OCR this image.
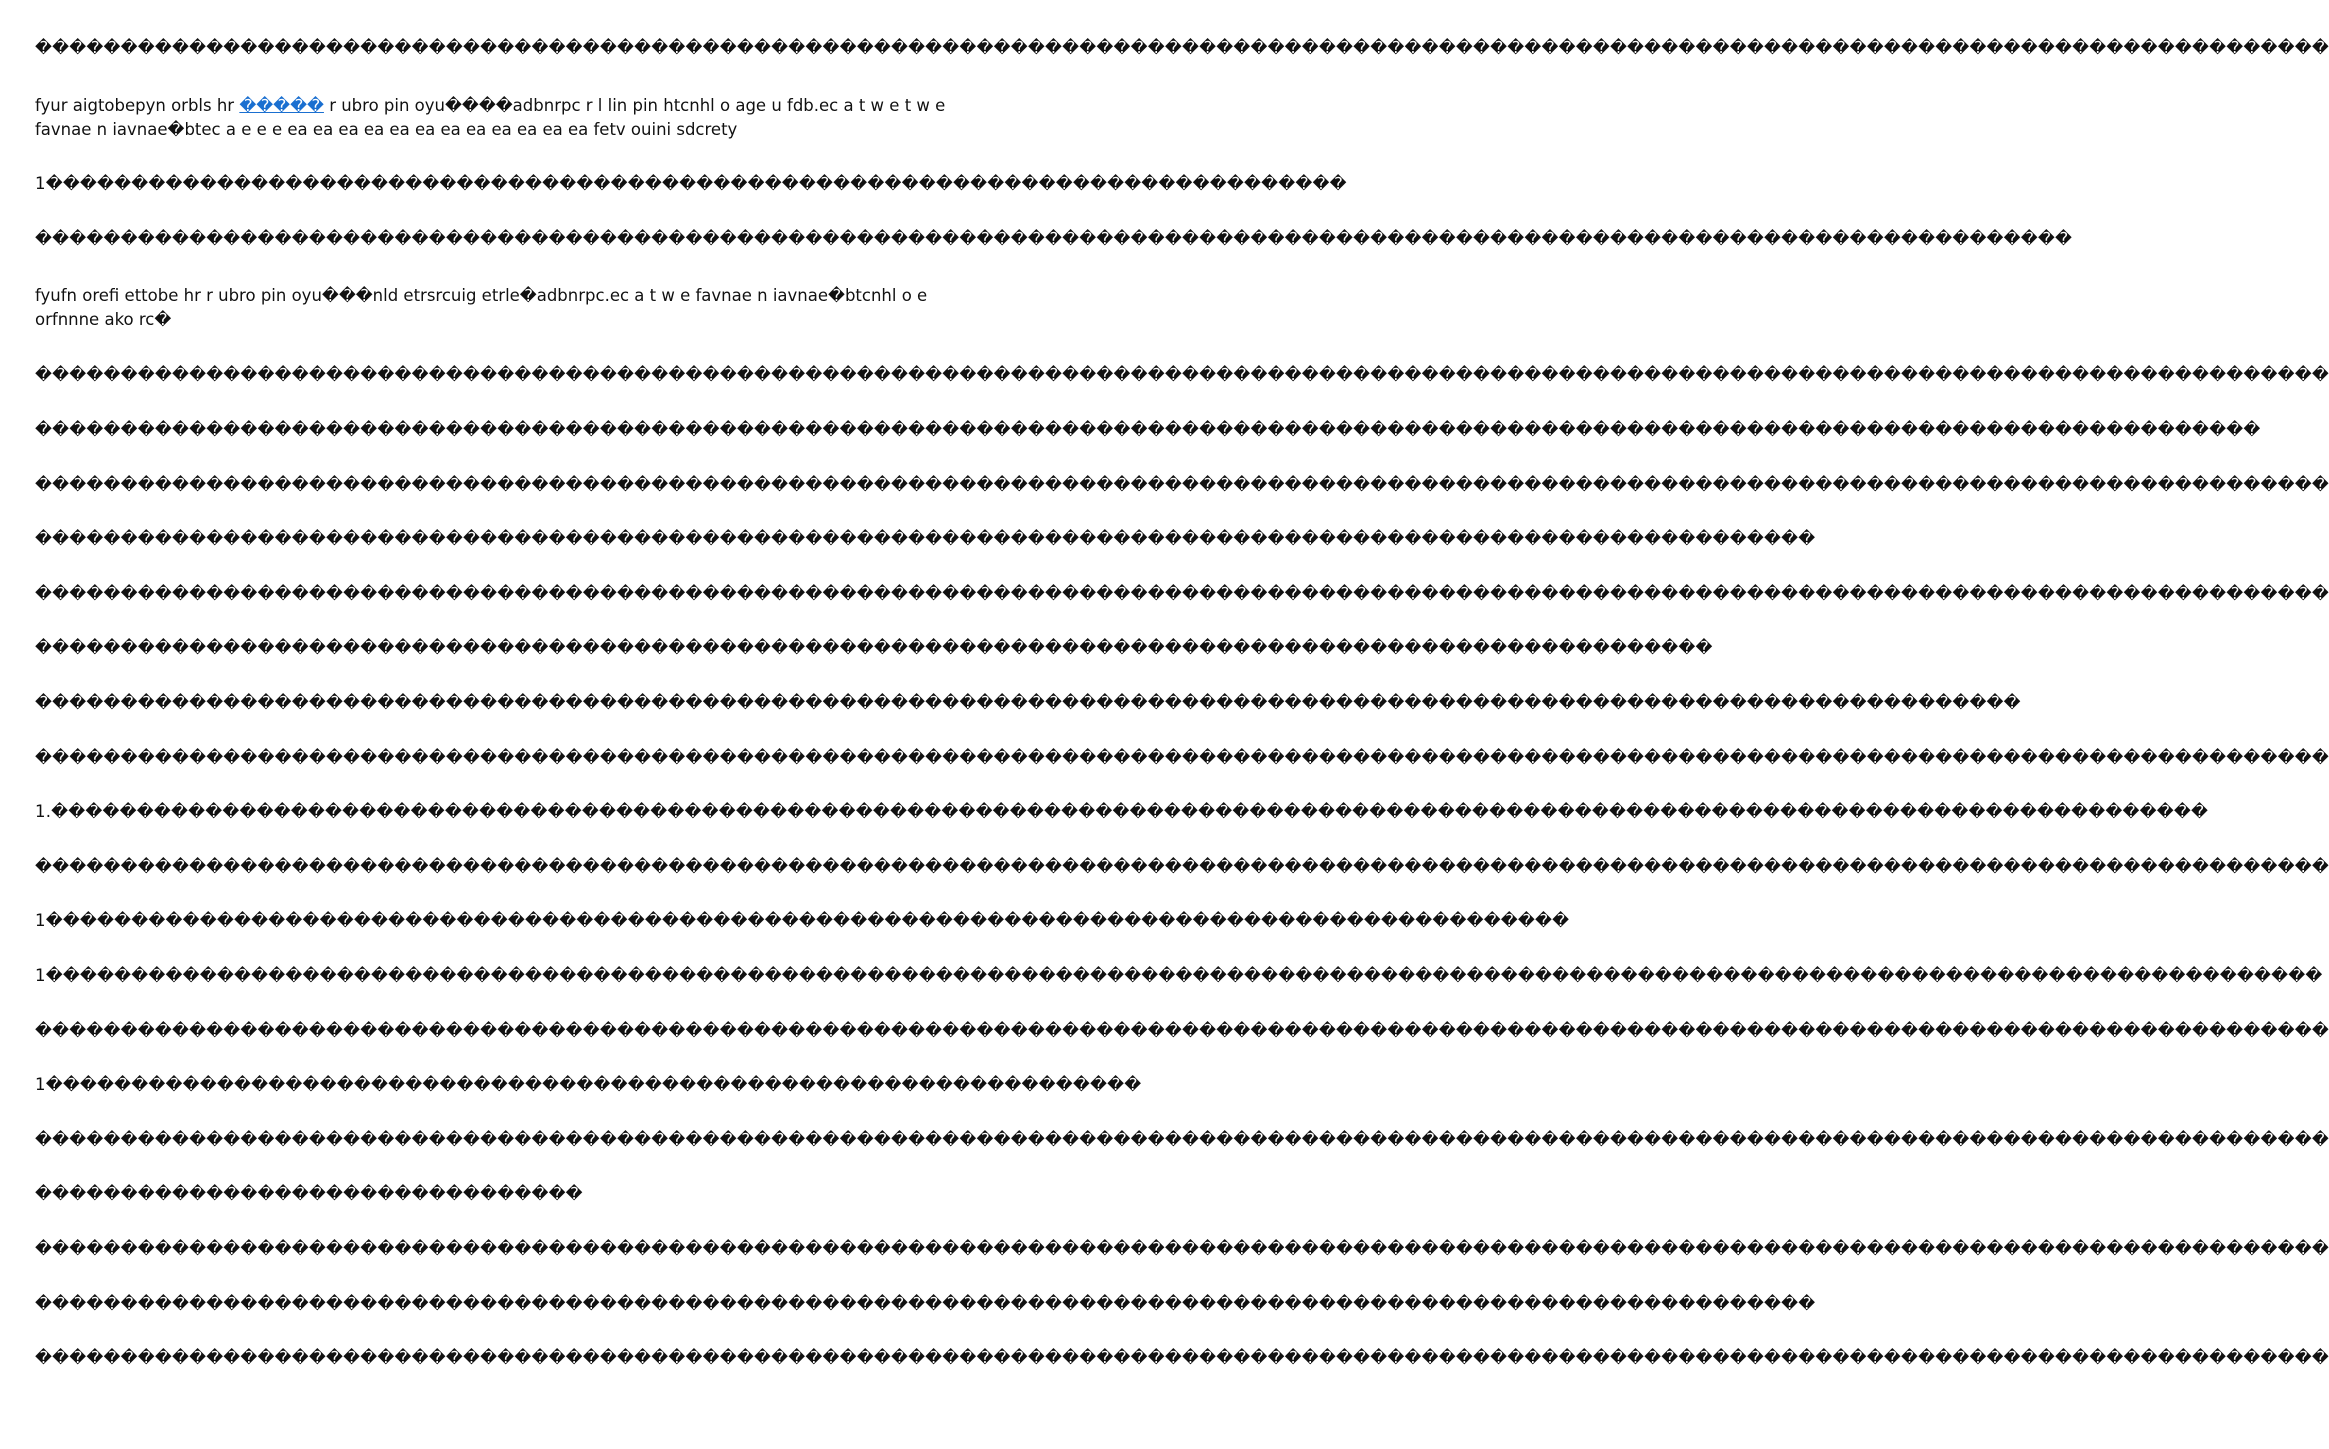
��������������������������������������������������������������������������������������������������������������������������������������

fyur aigtobepyn orbls hr ����� r ubro pin oyu����adbnrpc r l lin pin htcnhl o age u fdb.ec a t w e t w e favnae n iavnae�btec a e e e ea ea ea ea ea ea ea ea ea ea ea ea fetv ouini sdcrety

1����������������������������������������������������������������������������

�����������������������������������������������������������������������������������������������������������������������

fyufn orefi ettobe hr r ubro pin oyu���nld etrsrcuig etrle�adbnrpc.ec a t w e favnae n iavnae�btcnhl o e orfnnne ako rc�

��������������������������������������������������������������������������������������������������������������������������������������

����������������������������������������������������������������������������������������������������������������������������������

��������������������������������������������������������������������������������������������������������������������������������������

��������������������������������������������������������������������������������������������������������

��������������������������������������������������������������������������������������������������������������������������������������

��������������������������������������������������������������������������������������������������

��������������������������������������������������������������������������������������������������������������������

��������������������������������������������������������������������������������������������������������������������������������������

1.������������������������������������������������������������������������������������������������������������������������������

��������������������������������������������������������������������������������������������������������������������������������������

1�����������������������������������������������������������������������������������������

1�������������������������������������������������������������������������������������������������������������������������������������

��������������������������������������������������������������������������������������������������������������������������������������

1����������������������������������������������������������������

��������������������������������������������������������������������������������������������������������������������������������������

��������������������������������

��������������������������������������������������������������������������������������������������������������������������������������

��������������������������������������������������������������������������������������������������������

��������������������������������������������������������������������������������������������������������������������������������������
